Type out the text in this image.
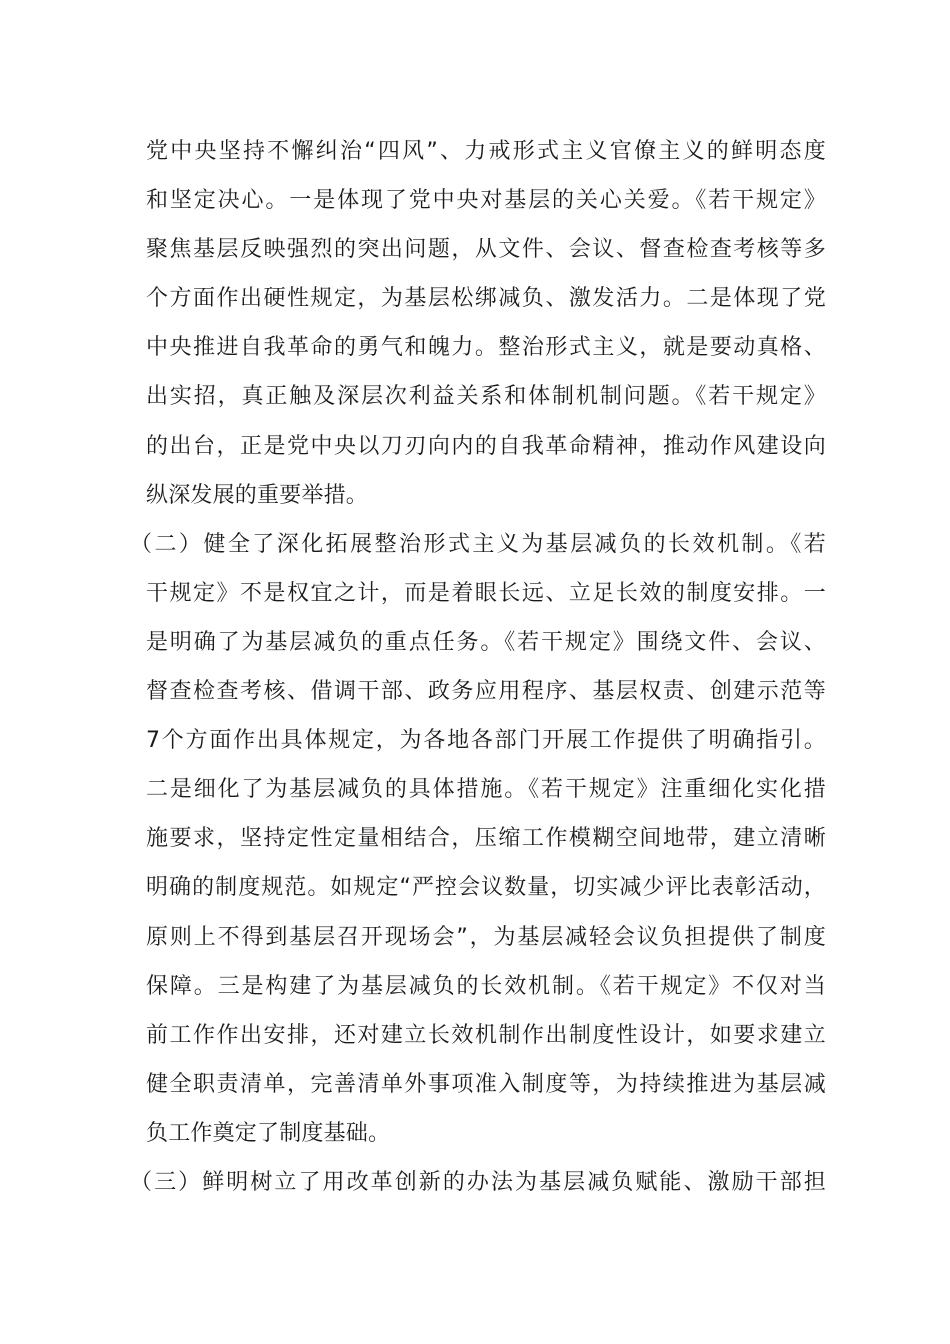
党中央坚持不懈纠治“四风”、力戒形式主义官僚主义的鲜明态度
和坚定决心。一是体现了党中央对基层的关心关爱。《若干规定》
聚焦基层反映强烈的突出问题，从文件、会议、督查检查考核等多
个方面作出硬性规定，为基层松绑减负、激发活力。二是体现了党
中央推进自我革命的勇气和魄力。整治形式主义，就是要动真格、
出实招，真正触及深层次利益关系和体制机制问题。《若干规定》
的出台，正是党中央以刀刃向内的自我革命精神，推动作风建设向
纵深发展的重要举措。
（二）健全了深化拓展整治形式主义为基层减负的长效机制。《若
干规定》不是权宜之计，而是着眼长远、立足长效的制度安排。一
是明确了为基层减负的重点任务。《若干规定》围绕文件、会议、
督查检查考核、借调干部、政务应用程序、基层权责、创建示范等
7个方面作出具体规定，为各地各部门开展工作提供了明确指引。
二是细化了为基层减负的具体措施。《若干规定》注重细化实化措
施要求，坚持定性定量相结合，压缩工作模糊空间地带，建立清晰
明确的制度规范。如规定“严控会议数量，切实减少评比表彰活动，
原则上不得到基层召开现场会”，为基层减轻会议负担提供了制度
保障。三是构建了为基层减负的长效机制。《若干规定》不仅对当
前工作作出安排，还对建立长效机制作出制度性设计，如要求建立
健全职责清单，完善清单外事项准入制度等，为持续推进为基层减
负工作奠定了制度基础。
（三）鲜明树立了用改革创新的办法为基层减负赋能、激励干部担
